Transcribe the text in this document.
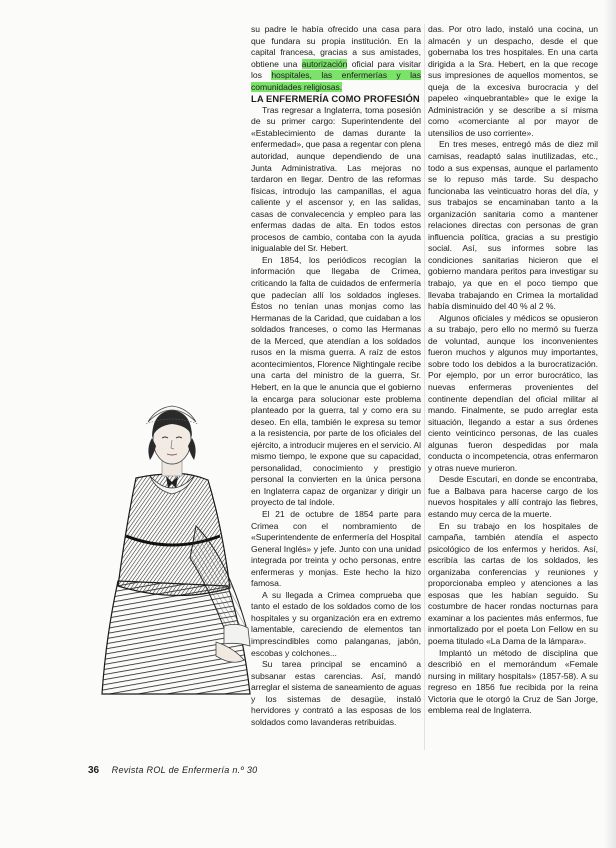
su padre le había ofrecido una casa para que fundara su propia institución. En la capital francesa, gracias a sus amistades, obtiene una autorización oficial para visitar los hospitales, las enfermerías y las comunidades religiosas.

LA ENFERMERÍA COMO PROFESIÓN

Tras regresar a Inglaterra, toma posesión de su primer cargo: Superintendente del «Establecimiento de damas durante la enfermedad», que pasa a regentar con plena autoridad, aunque dependiendo de una Junta Administrativa. Las mejoras no tardaron en llegar. Dentro de las reformas físicas, introdujo las campanillas, el agua caliente y el ascensor y, en las salidas, casas de convalecencia y empleo para las enfermas dadas de alta. En todos estos procesos de cambio, contaba con la ayuda inigualable del Sr. Hebert.

En 1854, los periódicos recogían la información que llegaba de Crimea, criticando la falta de cuidados de enfermería que padecían allí los soldados ingleses. Éstos no tenían unas monjas como las Hermanas de la Caridad, que cuidaban a los soldados franceses, o como las Hermanas de la Merced, que atendían a los soldados rusos en la misma guerra. A raíz de estos acontecimientos, Florence Nightingale recibe una carta del ministro de la guerra, Sr. Hebert, en la que le anuncia que el gobierno la encarga para solucionar este problema planteado por la guerra, tal y como era su deseo. En ella, también le expresa su temor a la resistencia, por parte de los oficiales del ejército, a introducir mujeres en el servicio. Al mismo tiempo, le expone que su capacidad, personalidad, conocimiento y prestigio personal la convierten en la única persona en Inglaterra capaz de organizar y dirigir un proyecto de tal índole.

El 21 de octubre de 1854 parte para Crimea con el nombramiento de «Superintendente de enfermería del Hospital General Inglés» y jefe. Junto con una unidad integrada por treinta y ocho personas, entre enfermeras y monjas. Este hecho la hizo famosa.

A su llegada a Crimea comprueba que tanto el estado de los soldados como de los hospitales y su organización era en extremo lamentable, careciendo de elementos tan imprescindibles como palanganas, jabón, escobas y colchones...

Su tarea principal se encaminó a subsanar estas carencias. Así, mandó arreglar el sistema de saneamiento de aguas y los sistemas de desagüe, instaló hervidores y contrató a las esposas de los soldados como lavanderas retribuidas.

das. Por otro lado, instaló una cocina, un almacén y un despacho, desde el que gobernaba los tres hospitales. En una carta dirigida a la Sra. Hebert, en la que recoge sus impresiones de aquellos momentos, se queja de la excesiva burocracia y del papeleo «inquebrantable» que le exige la Administración y se describe a sí misma como «comerciante al por mayor de utensilios de uso corriente».

En tres meses, entregó más de diez mil camisas, readaptó salas inutilizadas, etc., todo a sus expensas, aunque el parlamento se lo repuso más tarde. Su despacho funcionaba las veinticuatro horas del día, y sus trabajos se encaminaban tanto a la organización sanitaria como a mantener relaciones directas con personas de gran influencia política, gracias a su prestigio social. Así, sus informes sobre las condiciones sanitarias hicieron que el gobierno mandara peritos para investigar su trabajo, ya que en el poco tiempo que llevaba trabajando en Crimea la mortalidad había disminuido del 40 % al 2 %.

Algunos oficiales y médicos se opusieron a su trabajo, pero ello no mermó su fuerza de voluntad, aunque los inconvenientes fueron muchos y algunos muy importantes, sobre todo los debidos a la burocratización. Por ejemplo, por un error burocrático, las nuevas enfermeras provenientes del continente dependían del oficial militar al mando. Finalmente, se pudo arreglar esta situación, llegando a estar a sus órdenes ciento veinticinco personas, de las cuales algunas fueron despedidas por mala conducta o incompetencia, otras enfermaron y otras nueve murieron.

Desde Escutari, en donde se encontraba, fue a Balbava para hacerse cargo de los nuevos hospitales y allí contrajo las fiebres, estando muy cerca de la muerte.

En su trabajo en los hospitales de campaña, también atendía el aspecto psicológico de los enfermos y heridos. Así, escribía las cartas de los soldados, les organizaba conferencias y reuniones y proporcionaba empleo y atenciones a las esposas que les habían seguido. Su costumbre de hacer rondas nocturnas para examinar a los pacientes más enfermos, fue inmortalizado por el poeta Lon Fellow en su poema titulado «La Dama de la lámpara».

Implantó un método de disciplina que describió en el memorándum «Female nursing in military hospitals» (1857-58). A su regreso en 1856 fue recibida por la reina Victoria que le otorgó la Cruz de San Jorge, emblema real de Inglaterra.

36 Revista ROL de Enfermería n.º 30
